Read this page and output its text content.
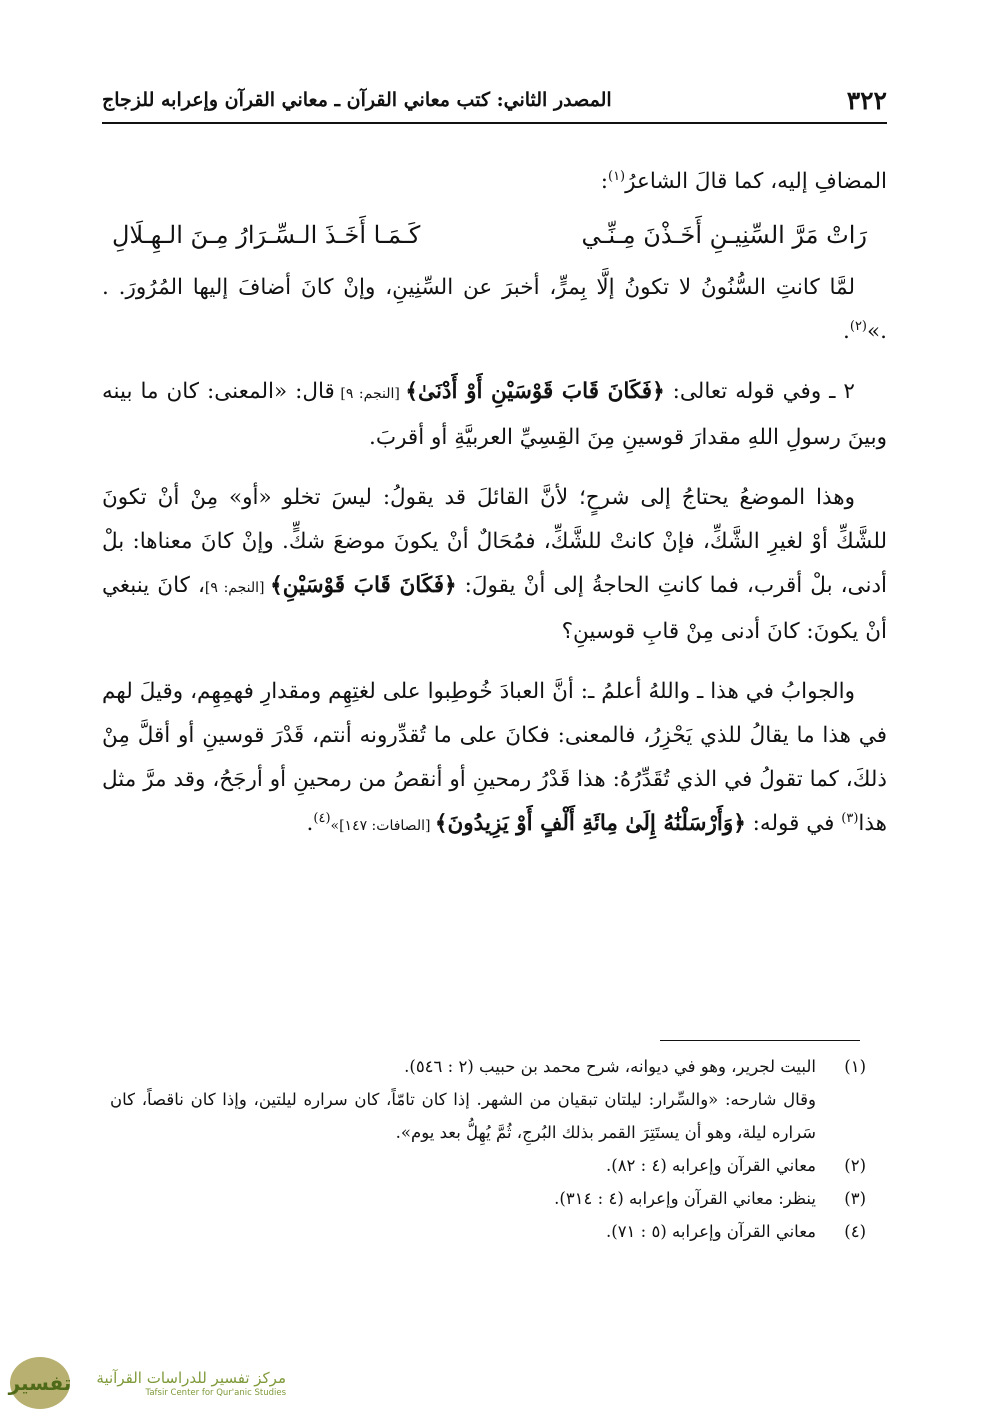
٣٢٢
المصدر الثاني: كتب معاني القرآن ـ معاني القرآن وإعرابه للزجاج

المضافِ إليه، كما قالَ الشاعرُ$^{(١)}$:

رَاتْ مَرَّ السِّنِيـنِ أَخَـذْنَ مِـنِّـي
كَـمَـا أَخَـذَ الـسِّـرَارُ مِـنَ الـهِـلَالِ

لمَّا كانتِ السُّنُونُ لا تكونُ إلَّا بِمرٍّ، أخبرَ عن السِّنِينِ، وإنْ كانَ أضافَ إليها المُرُورَ. . .»$^{(٢)}$.

٢ ـ وفي قوله تعالى: ﴿فَكَانَ قَابَ قَوْسَيْنِ أَوْ أَدْنَىٰ﴾ [النجم: ٩] قال: «المعنى: كان ما بينه وبينَ رسولِ اللهِ مقدارَ قوسينِ مِنَ القِسِيِّ العربيَّةِ أو أقربَ.

وهذا الموضعُ يحتاجُ إلى شرحٍ؛ لأنَّ القائلَ قد يقولُ: ليسَ تخلو «أو» مِنْ أنْ تكونَ للشَّكِّ أوْ لغيرِ الشَّكِّ، فإنْ كانتْ للشَّكِّ، فمُحَالٌ أنْ يكونَ موضعَ شكٍّ. وإنْ كانَ معناها: بلْ أدنى، بلْ أقرب، فما كانتِ الحاجةُ إلى أنْ يقولَ: ﴿فَكَانَ قَابَ قَوْسَيْنِ﴾ [النجم: ٩]، كانَ ينبغي أنْ يكونَ: كانَ أدنى مِنْ قابِ قوسينِ؟

والجوابُ في هذا ـ واللهُ أعلمُ ـ: أنَّ العبادَ خُوطِبوا على لغتِهِم ومقدارِ فهمِهِم، وقيلَ لهم في هذا ما يقالُ للذي يَحْزِرُ، فالمعنى: فكانَ على ما تُقدِّرونه أنتم، قَدْرَ قوسينِ أو أقلَّ مِنْ ذلكَ، كما تقولُ في الذي تُقَدِّرُهُ: هذا قَدْرُ رمحينِ أو أنقصُ من رمحينِ أو أرجَحُ، وقد مرَّ مثل هذا$^{(٣)}$ في قوله: ﴿وَأَرْسَلْنَٰهُ إِلَىٰ مِائَةِ أَلْفٍ أَوْ يَزِيدُونَ﴾ [الصافات: ١٤٧]»$^{(٤)}$.

(١)
البيت لجرير، وهو في ديوانه، شرح محمد بن حبيب (٢ : ٥٤٦).
وقال شارحه: «والسِّرار: ليلتان تبقيان من الشهر. إذا كان تامّاً، كان سراره ليلتين، وإذا كان ناقصاً، كان سَراره ليلة، وهو أن يستَتِرَ القمر بذلك البُرجِ، ثُمَّ يُهِلُّ بعد يوم».
(٢)
معاني القرآن وإعرابه (٤ : ٨٢).
(٣)
ينظر: معاني القرآن وإعرابه (٤ : ٣١٤).
(٤)
معاني القرآن وإعرابه (٥ : ٧١).
تفسير	مركز تفسير للدراسات القرآنية
Tafsir Center for Qur'anic Studies
